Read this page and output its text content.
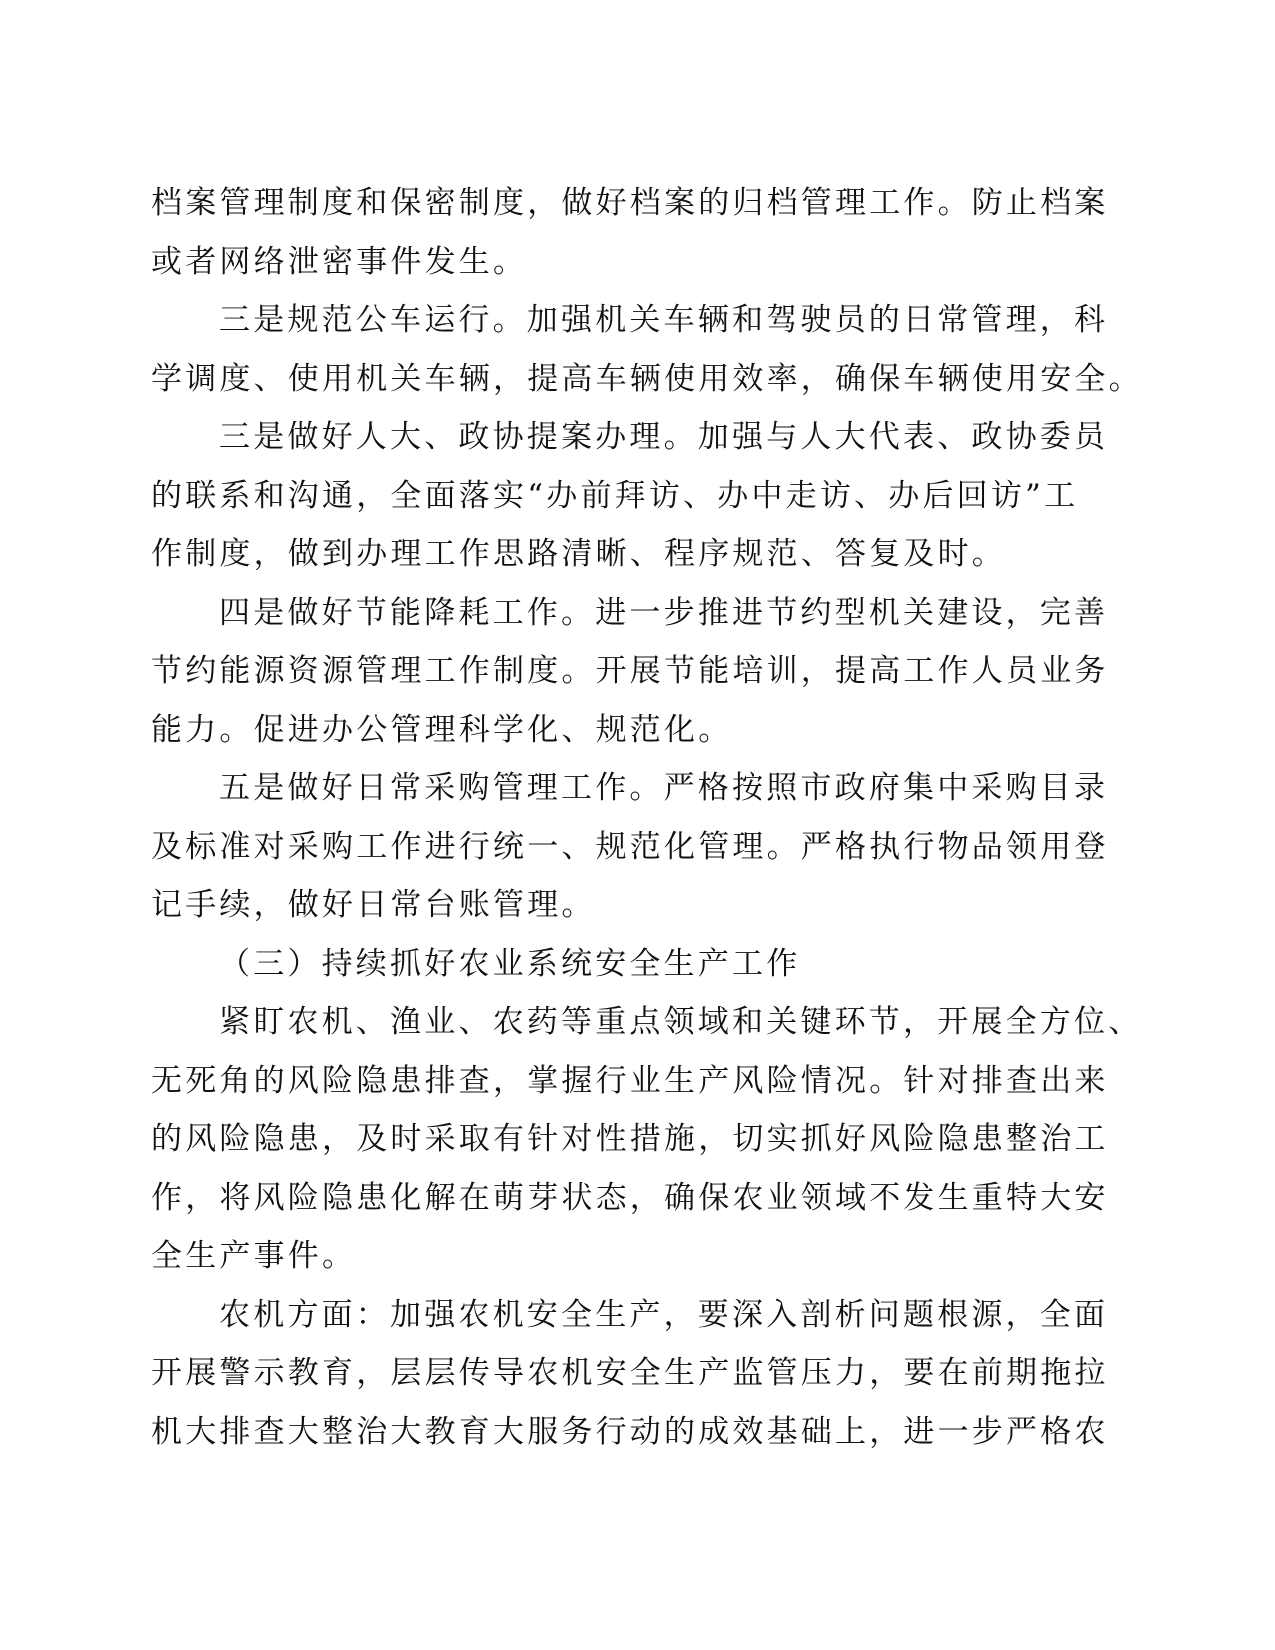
档案管理制度和保密制度，做好档案的归档管理工作。防止档案
或者网络泄密事件发生。
三是规范公车运行。加强机关车辆和驾驶员的日常管理，科
学调度、使用机关车辆，提高车辆使用效率，确保车辆使用安全。
三是做好人大、政协提案办理。加强与人大代表、政协委员
的联系和沟通，全面落实“办前拜访、办中走访、办后回访”工
作制度，做到办理工作思路清晰、程序规范、答复及时。
四是做好节能降耗工作。进一步推进节约型机关建设，完善
节约能源资源管理工作制度。开展节能培训，提高工作人员业务
能力。促进办公管理科学化、规范化。
五是做好日常采购管理工作。严格按照市政府集中采购目录
及标准对采购工作进行统一、规范化管理。严格执行物品领用登
记手续，做好日常台账管理。
（三）持续抓好农业系统安全生产工作
紧盯农机、渔业、农药等重点领域和关键环节，开展全方位、
无死角的风险隐患排查，掌握行业生产风险情况。针对排查出来
的风险隐患，及时采取有针对性措施，切实抓好风险隐患整治工
作，将风险隐患化解在萌芽状态，确保农业领域不发生重特大安
全生产事件。
农机方面：加强农机安全生产，要深入剖析问题根源，全面
开展警示教育，层层传导农机安全生产监管压力，要在前期拖拉
机大排查大整治大教育大服务行动的成效基础上，进一步严格农
